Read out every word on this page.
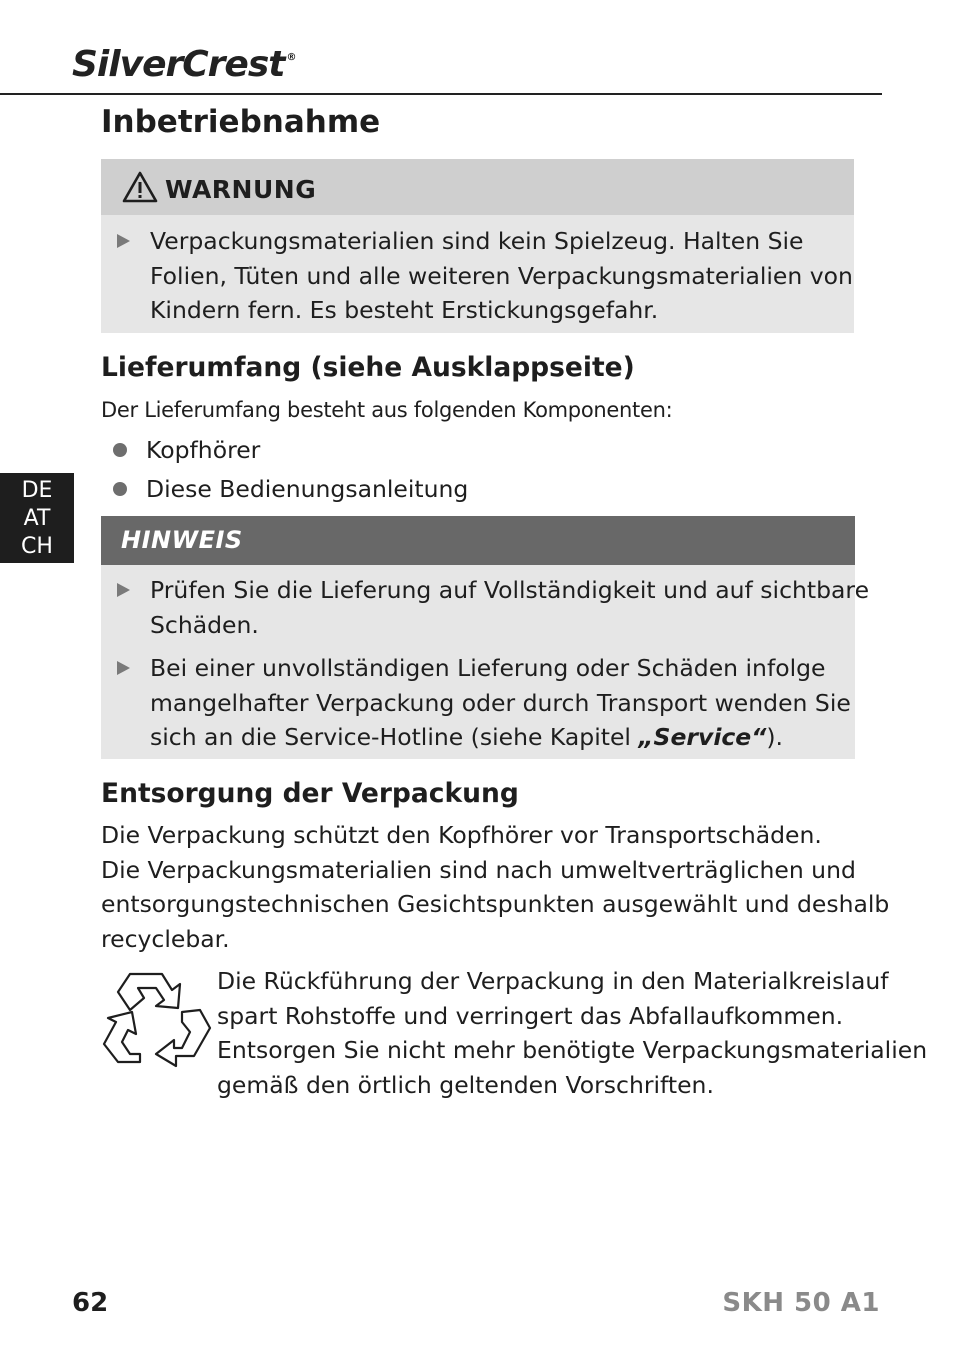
SilverCrest ®
Inbetriebnahme
WARNUNG

Verpackungsmaterialien sind kein Spielzeug. Halten Sie
Folien, Tüten und alle weiteren Verpackungsmaterialien von
Kindern fern. Es besteht Erstickungsgefahr.

Lieferumfang (siehe Ausklappseite)

Der Lieferumfang besteht aus folgenden Komponenten:

Kopfhörer

Diese Bedienungsanleitung

DE
AT
CH	HINWEIS

Prüfen Sie die Lieferung auf Vollständigkeit und auf sichtbare
Schäden.

Bei einer unvollständigen Lieferung oder Schäden infolge
mangelhafter Verpackung oder durch Transport wenden Sie
sich an die Service-Hotline (siehe Kapitel „Service“).

Entsorgung der Verpackung

Die Verpackung schützt den Kopfhörer vor Transportschäden.
Die Verpackungsmaterialien sind nach umweltverträglichen und
entsorgungstechnischen Gesichtspunkten ausgewählt und deshalb
recyclebar.

Die Rückführung der Verpackung in den Materialkreislauf
spart Rohstoffe und verringert das Abfallaufkommen.
Entsorgen Sie nicht mehr benötigte Verpackungsmaterialien
gemäß den örtlich geltenden Vorschriften.

62	SKH 50 A1
